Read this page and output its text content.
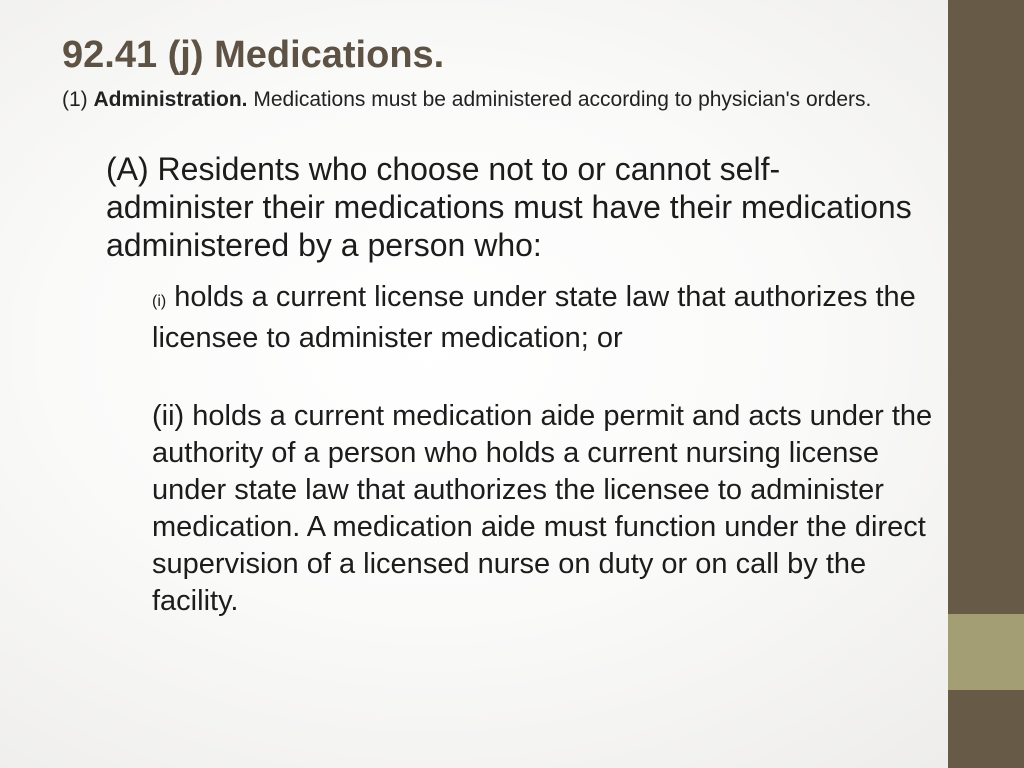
92.41 (j) Medications.

(1) Administration. Medications must be administered according to physician's orders.

(A) Residents who choose not to or cannot self-administer their medications must have their medications administered by a person who:

(i) holds a current license under state law that authorizes the licensee to administer medication; or

(ii) holds a current medication aide permit and acts under the authority of a person who holds a current nursing license under state law that authorizes the licensee to administer medication. A medication aide must function under the direct supervision of a licensed nurse on duty or on call by the facility.
